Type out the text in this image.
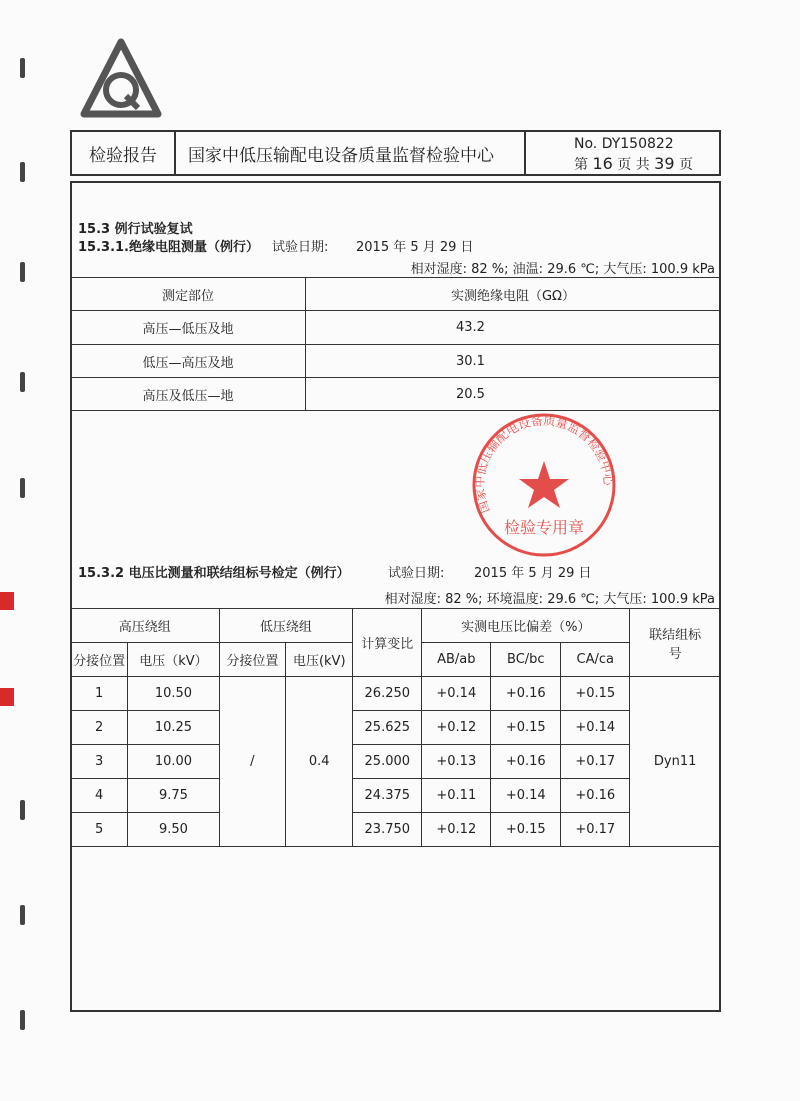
检验报告	国家中低压输配电设备质量监督检验中心
No. DY150822
第 16 页 共 39 页
15.3 例行试验复试
15.3.1.绝缘电阻测量（例行） 试验日期: 2015 年 5 月 29 日
相对湿度: 82 %; 油温: 29.6 ℃; 大气压: 100.9 kPa
测定部位	实测绝缘电阻（GΩ）
高压—低压及地	43.2
低压—高压及地	30.1
高压及低压—地	20.5
15.3.2 电压比测量和联结组标号检定（例行）	试验日期: 2015 年 5 月 29 日
相对湿度: 82 %; 环境温度: 29.6 ℃; 大气压: 100.9 kPa
高压绕组		低压绕组		计算变比	实测电压比偏差（%）			联结组标号
分接位置	电压（kV）	分接位置	电压(kV)		AB/ab	BC/bc	CA/ca	
1	10.50	/	0.4	26.250	+0.14	+0.16	+0.15	Dyn11
2	10.25			25.625	+0.12	+0.15	+0.14	
3	10.00			25.000	+0.13	+0.16	+0.17	
4	9.75			24.375	+0.11	+0.14	+0.16	
5	9.50			23.750	+0.12	+0.15	+0.17	
国家中低压输配电设备质量监督检验中心
检验专用章
